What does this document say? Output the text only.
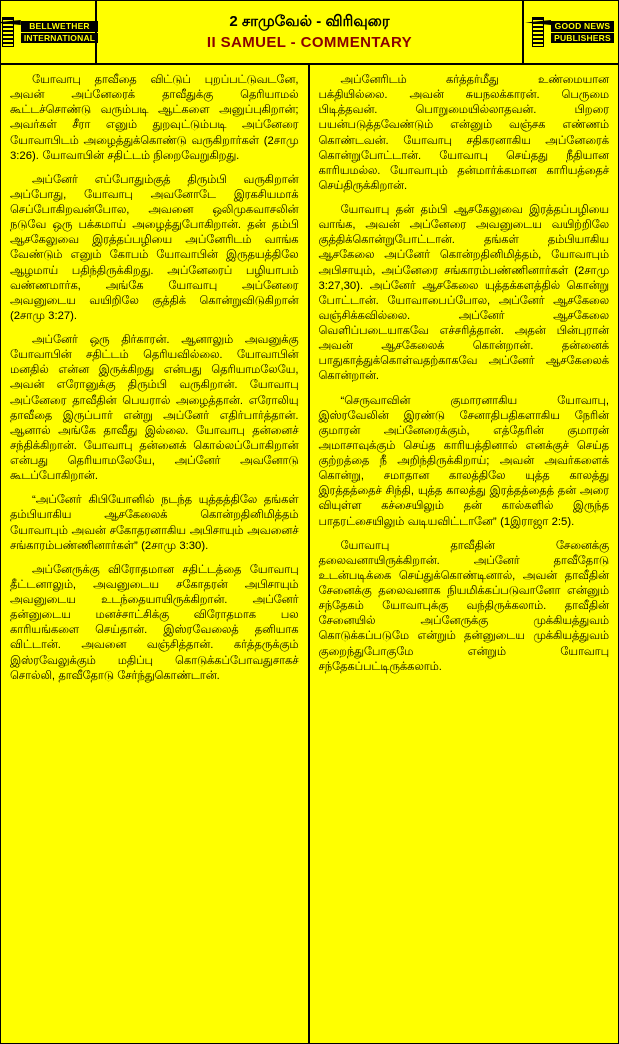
BELLWETHER
INTERNATIONAL
2 சாமுவேல் - விரிவுரை
II SAMUEL - COMMENTARY
GOOD NEWS
PUBLISHERS

யோவாபு தாவீதை விட்டுப் புறப்பட்டுவடனே, அவன் அப்னேரைக் தாவீதுக்கு தெரியாமல் கூட்டச்சொண்டு வரும்படி ஆட்களை அனுப்புகிறான்; அவர்கள் சீரா எனும் துறவுட்டும்படி அப்னேரை யோவாபிடம் அழைத்துக்கொண்டு வருகிறார்கள் (2சாமு 3:26). யோவாபின் சதிட்டம் நிறைவேறுகிறது.

அப்னேர் எப்போதும்குத் திரும்பி வருகிறான் அப்போது, யோவாபு அவனோடே இரகசியமாக் செப்போகிறவன்போல, அவனை ஒலிமுகவாசலின் நடுவே ஒரு பக்கமாய் அழைத்துபோகிறான். தன் தம்பி ஆசகேலுவை இரத்தப்பழியை அப்னேரிடம் வாங்க வேண்டும் எனும் கோபம் யோவாபின் இருதயத்திலே ஆழமாய் பதிந்திருக்கிறது. அப்னேரைப் பழியாபம் வண்ணமார்க, அங்கே யோவாபு அப்னேரை அவனுடைய வயிறிலே குத்திக் கொன்றுவிடுகிறான் (2சாமு 3:27).

அப்னேர் ஒரு திர்காரன். ஆனாலும் அவனுக்கு யோவாபின் சதிட்டம் தெரியவில்லை. யோவாபின் மனதில் என்ன இருக்கிறது என்பது தெரியாமலேயே, அவன் எரோனுக்கு திரும்பி வருகிறான். யோவாபு அப்னேரை தாவீதின் பெயரால் அழைத்தான். எரோலியு தாவீதை இருப்பார் என்று அப்னேர் எதிர்பார்த்தான். ஆனால் அங்கே தாவீது இல்லை. யோவாபு தன்னைச் சந்திக்கிறான். யோவாபு தன்னைக் கொல்லப்போகிறான் என்பது தெரியாமலேயே, அப்னேர் அவனோடு கூடப்போகிறான்.

“அப்னேர் கிபியோனில் நடந்த யுத்தத்திலே தங்கள் தம்பியாகிய ஆசகேலைக் கொன்றதினிமித்தம் யோவாபும் அவன் சகோதரனாகிய அபிசாயும் அவனைச் சங்காரம்பண்ணினார்கள்” (2சாமு 3:30).

அப்னேருக்கு விரோதமான சதிட்டத்தை யோவாபு தீட்டனாலும், அவனுடைய சகோதரன் அபிசாயும் அவனுடைய உடந்தையாயிருக்கிறான். அப்னேர் தன்னுடைய மனச்சாட்சிக்கு விரோதமாக பல காரியங்களை செய்தான். இஸ்ரவேலைத் தனியாக விட்டான். அவனை வஞ்சித்தான். கர்த்தருக்கும் இஸ்ரவேலுக்கும் மதிப்பு கொடுக்கப்போவதுசாகச் சொல்லி, தாவீதோடு சேர்ந்துகொண்டான்.

அப்னேரிடம் கர்த்தர்மீது உண்மையான பக்தியில்லை. அவன் சுயநலக்காரன். பெருமை பிடித்தவன். பொறுமையில்லாதவன். பிறரை பயன்படுத்தவேண்டும் என்னும் வஞ்சக எண்ணம் கொண்டவன். யோவாபு சதிகரனாகிய அப்னேரைக் கொன்றுபோட்டான். யோவாபு செய்தது நீதியான காரியமல்ல. யோவாபும் தன்மார்க்கமான காரியத்தைச் செய்திருக்கிறான்.

யோவாபு தன் தம்பி ஆசகேலுவை இரத்தப்பழியை வாங்க, அவன் அப்னேரை அவனுடைய வயிற்றிலே குத்திக்கொன்றுபோட்டான். தங்கள் தம்பியாகிய ஆசகேலை அப்னேர் கொன்றதினிமித்தம், யோவாபும் அபிசாயும், அப்னேரை சங்காரம்பண்ணினார்கள் (2சாமு 3:27,30). அப்னேர் ஆசகேலை யுத்தக்களத்தில் கொன்று போட்டான். யோவாபைப்போல, அப்னேர் ஆசகேலை வஞ்சிக்கவில்லை. அப்னேர் ஆசகேலை வெளிப்படையாகவே எச்சரித்தான். அதன் பின்புரான் அவன் ஆசகேலைக் கொன்றான். தன்னைக் பாதுகாத்துக்கொள்வதற்காகவே அப்னேர் ஆசகேலைக் கொன்றான்.

“செருவாவின் குமாரனாகிய யோவாபு, இஸ்ரவேலின் இரண்டு சேனாதிபதிகளாகிய நேரின் குமாரன் அப்னேரைக்கும், எத்தேரின் குமாரன் அமாசாவுக்கும் செய்த காரியத்தினால் எனக்குச் செய்த குற்றத்தை நீ அறிந்திருக்கிறாய்; அவன் அவர்களைக் கொன்று, சமாதான காலத்திலே யுத்த காலத்து இரத்தத்தைச் சிந்தி, யுத்த காலத்து இரத்தத்தைத் தன் அரை வியுள்ள கச்சையிலும் தன் கால்களில் இருந்த பாதரட்சையிலும் வடியவிட்டானே” (1இராஜா 2:5).

யோவாபு தாவீதின் சேனைக்கு தலைவனாயிருக்கிறான். அப்னேர் தாவீதோடு உடன்படிக்கை செய்துக்கொண்டினால், அவன் தாவீதின் சேனைக்கு தலைவனாக நியமிக்கப்படுவானோ என்னும் சந்தேகம் யோவாபுக்கு வந்திருக்கலாம். தாவீதின் சேனையில் அப்னேருக்கு முக்கியத்துவம் கொடுக்கப்படுமே என்றும் தன்னுடைய முக்கியத்துவம் குறைந்துபோகுமே என்றும் யோவாபு சந்தேகப்பட்டிருக்கலாம்.
